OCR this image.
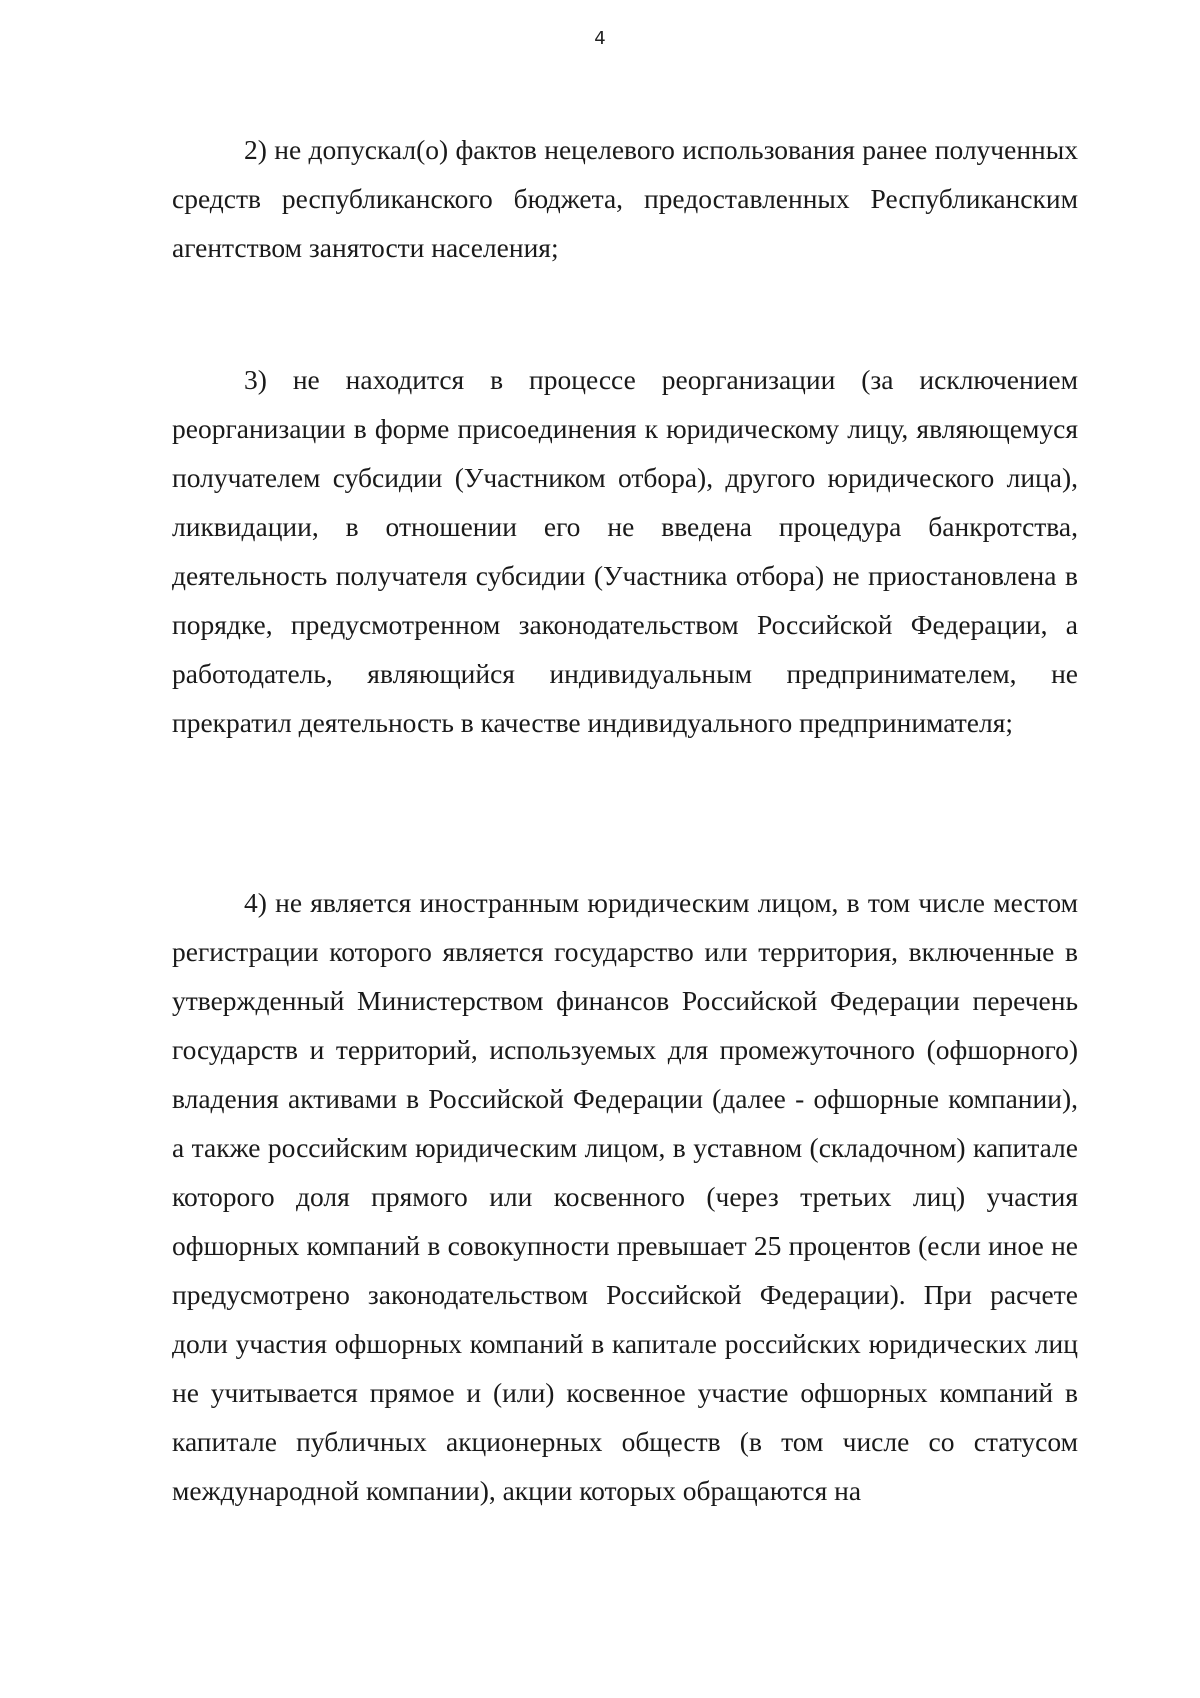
4

2) не допускал(о) фактов нецелевого использования ранее полученных средств республиканского бюджета, предоставленных Республиканским агентством занятости населения;

3) не находится в процессе реорганизации (за исключением реорганизации в форме присоединения к юридическому лицу, являющемуся получателем субсидии (Участником отбора), другого юридического лица), ликвидации, в отношении его не введена процедура банкротства, деятельность получателя субсидии (Участника отбора) не приостановлена в порядке, предусмотренном законодательством Российской Федерации, а работодатель, являющийся индивидуальным предпринимателем, не прекратил деятельность в качестве индивидуального предпринимателя;

4) не является иностранным юридическим лицом, в том числе местом регистрации которого является государство или территория, включенные в утвержденный Министерством финансов Российской Федерации перечень государств и территорий, используемых для промежуточного (офшорного) владения активами в Российской Федерации (далее - офшорные компании), а также российским юридическим лицом, в уставном (складочном) капитале которого доля прямого или косвенного (через третьих лиц) участия офшорных компаний в совокупности превышает 25 процентов (если иное не предусмотрено законодательством Российской Федерации). При расчете доли участия офшорных компаний в капитале российских юридических лиц не учитывается прямое и (или) косвенное участие офшорных компаний в капитале публичных акционерных обществ (в том числе со статусом международной компании), акции которых обращаются на
